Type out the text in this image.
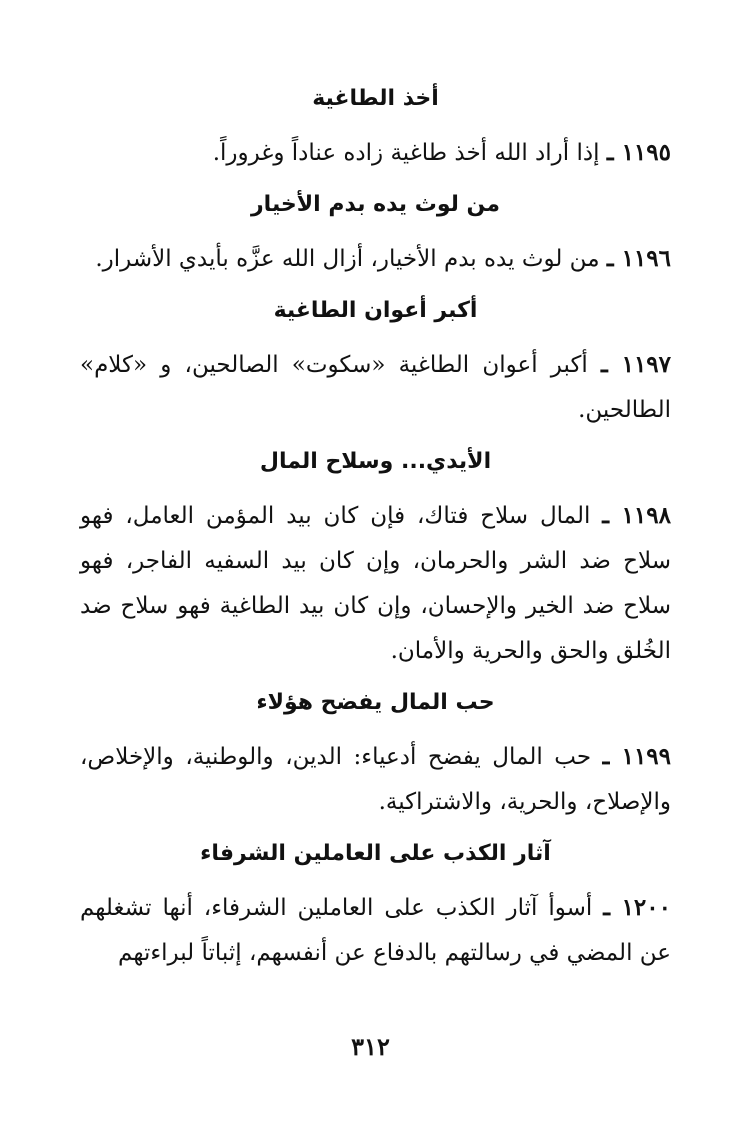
أخذ الطاغية

١١٩٥ ـ إذا أراد الله أخذ طاغية زاده عناداً وغروراً.

من لوث يده بدم الأخيار

١١٩٦ ـ من لوث يده بدم الأخيار، أزال الله عزَّه بأيدي الأشرار.

أكبر أعوان الطاغية

١١٩٧ ـ أكبر أعوان الطاغية «سكوت» الصالحين، و «كلام» الطالحين.

الأيدي... وسلاح المال

١١٩٨ ـ المال سلاح فتاك، فإن كان بيد المؤمن العامل، فهو سلاح ضد الشر والحرمان، وإن كان بيد السفيه الفاجر، فهو سلاح ضد الخير والإحسان، وإن كان بيد الطاغية فهو سلاح ضد الخُلق والحق والحرية والأمان.

حب المال يفضح هؤلاء

١١٩٩ ـ حب المال يفضح أدعياء: الدين، والوطنية، والإخلاص، والإصلاح، والحرية، والاشتراكية.

آثار الكذب على العاملين الشرفاء

١٢٠٠ ـ أسوأ آثار الكذب على العاملين الشرفاء، أنها تشغلهم عن المضي في رسالتهم بالدفاع عن أنفسهم، إثباتاً لبراءتهم

٣١٢
